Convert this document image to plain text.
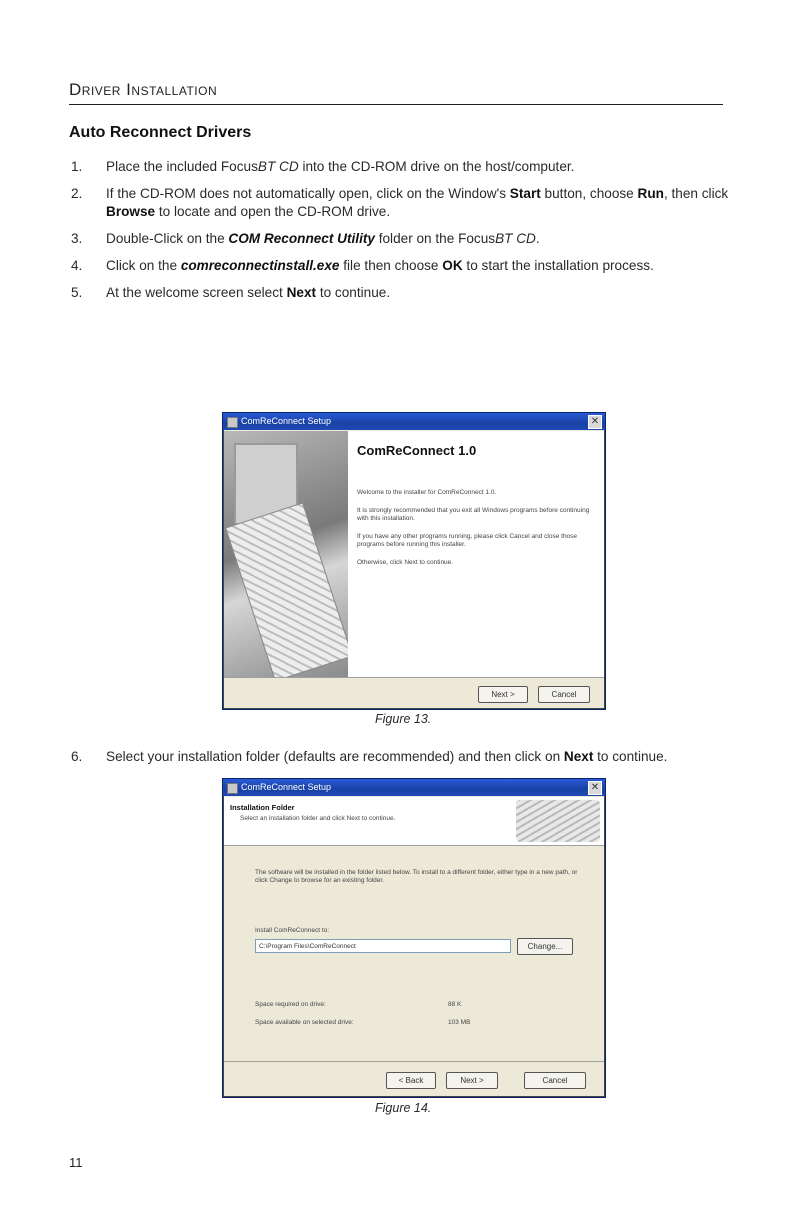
Driver Installation
Auto Reconnect Drivers
1. Place the included FocusBT CD into the CD-ROM drive on the host/computer.
2. If the CD-ROM does not automatically open, click on the Window's Start button, choose Run, then click Browse to locate and open the CD-ROM drive.
3. Double-Click on the COM Reconnect Utility folder on the FocusBT CD.
4. Click on the comreconnectinstall.exe file then choose OK to start the installation process.
5. At the welcome screen select Next to continue.
ComReConnect Setup	✕
ComReConnect 1.0
Welcome to the installer for ComReConnect 1.0.
It is strongly recommended that you exit all Windows programs before continuing with this installation.
If you have any other programs running, please click Cancel and close those programs before running this installer.
Otherwise, click Next to continue.
Next >	Cancel
Figure 13.
6. Select your installation folder (defaults are recommended) and then click on Next to continue.
ComReConnect Setup	✕
Installation Folder
Select an installation folder and click Next to continue.
The software will be installed in the folder listed below. To install to a different folder, either type in a new path, or click Change to browse for an existing folder.
Install ComReConnect to:
C:\Program Files\ComReConnect	Change...
Space required on drive:	88 K
Space available on selected drive:	103 MB
< Back	Next >	Cancel
Figure 14.
11
